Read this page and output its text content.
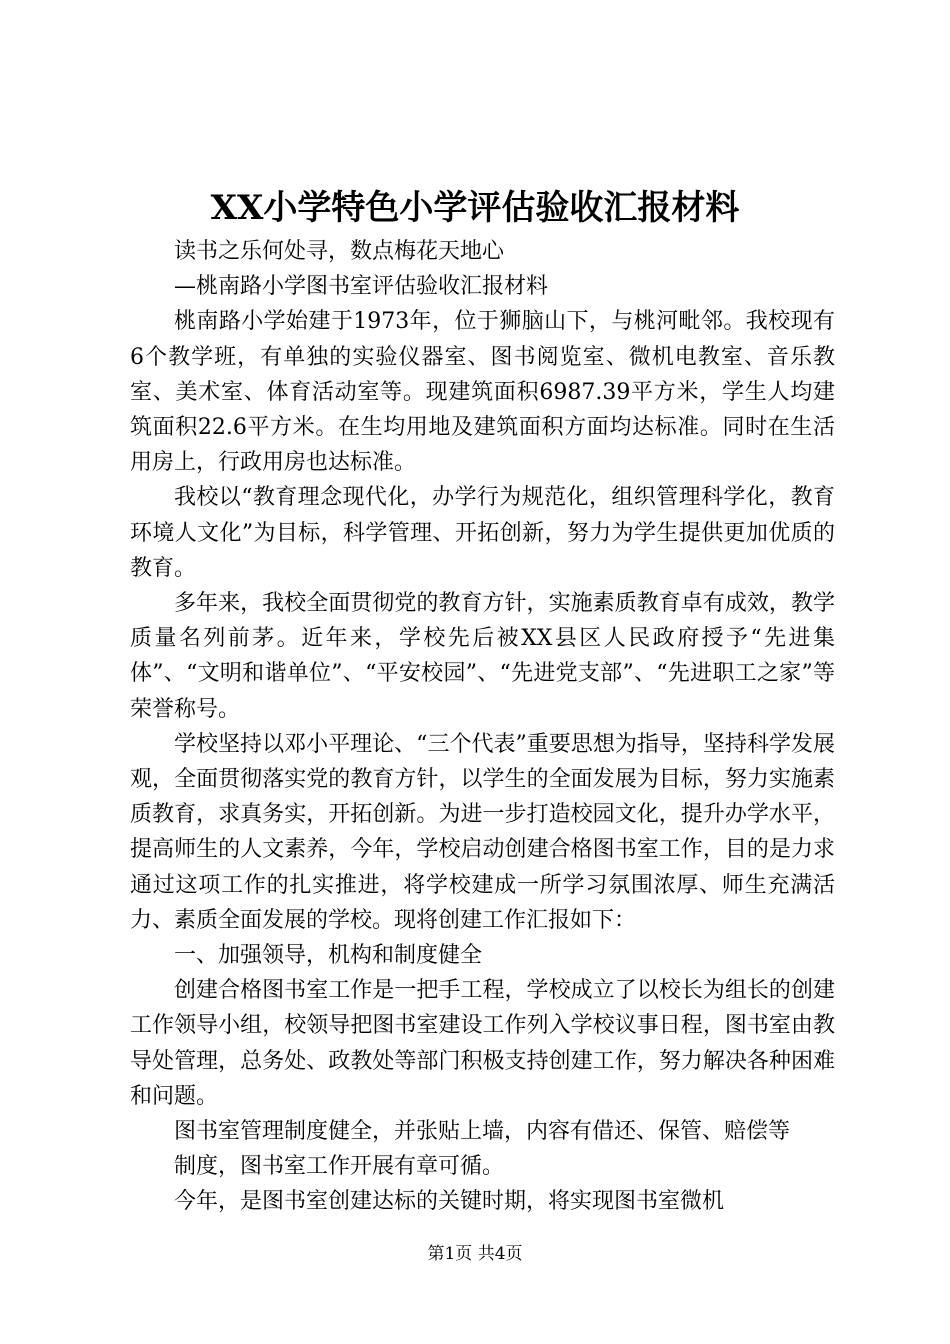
XX小学特色小学评估验收汇报材料

读书之乐何处寻，数点梅花天地心

—桃南路小学图书室评估验收汇报材料

桃南路小学始建于1973年，位于狮脑山下，与桃河毗邻。我校现有6个教学班，有单独的实验仪器室、图书阅览室、微机电教室、音乐教室、美术室、体育活动室等。现建筑面积6987.39平方米，学生人均建筑面积22.6平方米。在生均用地及建筑面积方面均达标准。同时在生活用房上，行政用房也达标准。

我校以“教育理念现代化，办学行为规范化，组织管理科学化，教育环境人文化”为目标，科学管理、开拓创新，努力为学生提供更加优质的教育。

多年来，我校全面贯彻党的教育方针，实施素质教育卓有成效，教学质量名列前茅。近年来，学校先后被XX县区人民政府授予“先进集体”、“文明和谐单位”、“平安校园”、“先进党支部”、“先进职工之家”等荣誉称号。

学校坚持以邓小平理论、“三个代表”重要思想为指导，坚持科学发展观，全面贯彻落实党的教育方针，以学生的全面发展为目标，努力实施素质教育，求真务实，开拓创新。为进一步打造校园文化，提升办学水平，提高师生的人文素养，今年，学校启动创建合格图书室工作，目的是力求通过这项工作的扎实推进，将学校建成一所学习氛围浓厚、师生充满活力、素质全面发展的学校。现将创建工作汇报如下：

一、加强领导，机构和制度健全

创建合格图书室工作是一把手工程，学校成立了以校长为组长的创建工作领导小组，校领导把图书室建设工作列入学校议事日程，图书室由教导处管理，总务处、政教处等部门积极支持创建工作，努力解决各种困难和问题。

图书室管理制度健全，并张贴上墙，内容有借还、保管、赔偿等

制度，图书室工作开展有章可循。

今年，是图书室创建达标的关键时期，将实现图书室微机

第1页 共4页
